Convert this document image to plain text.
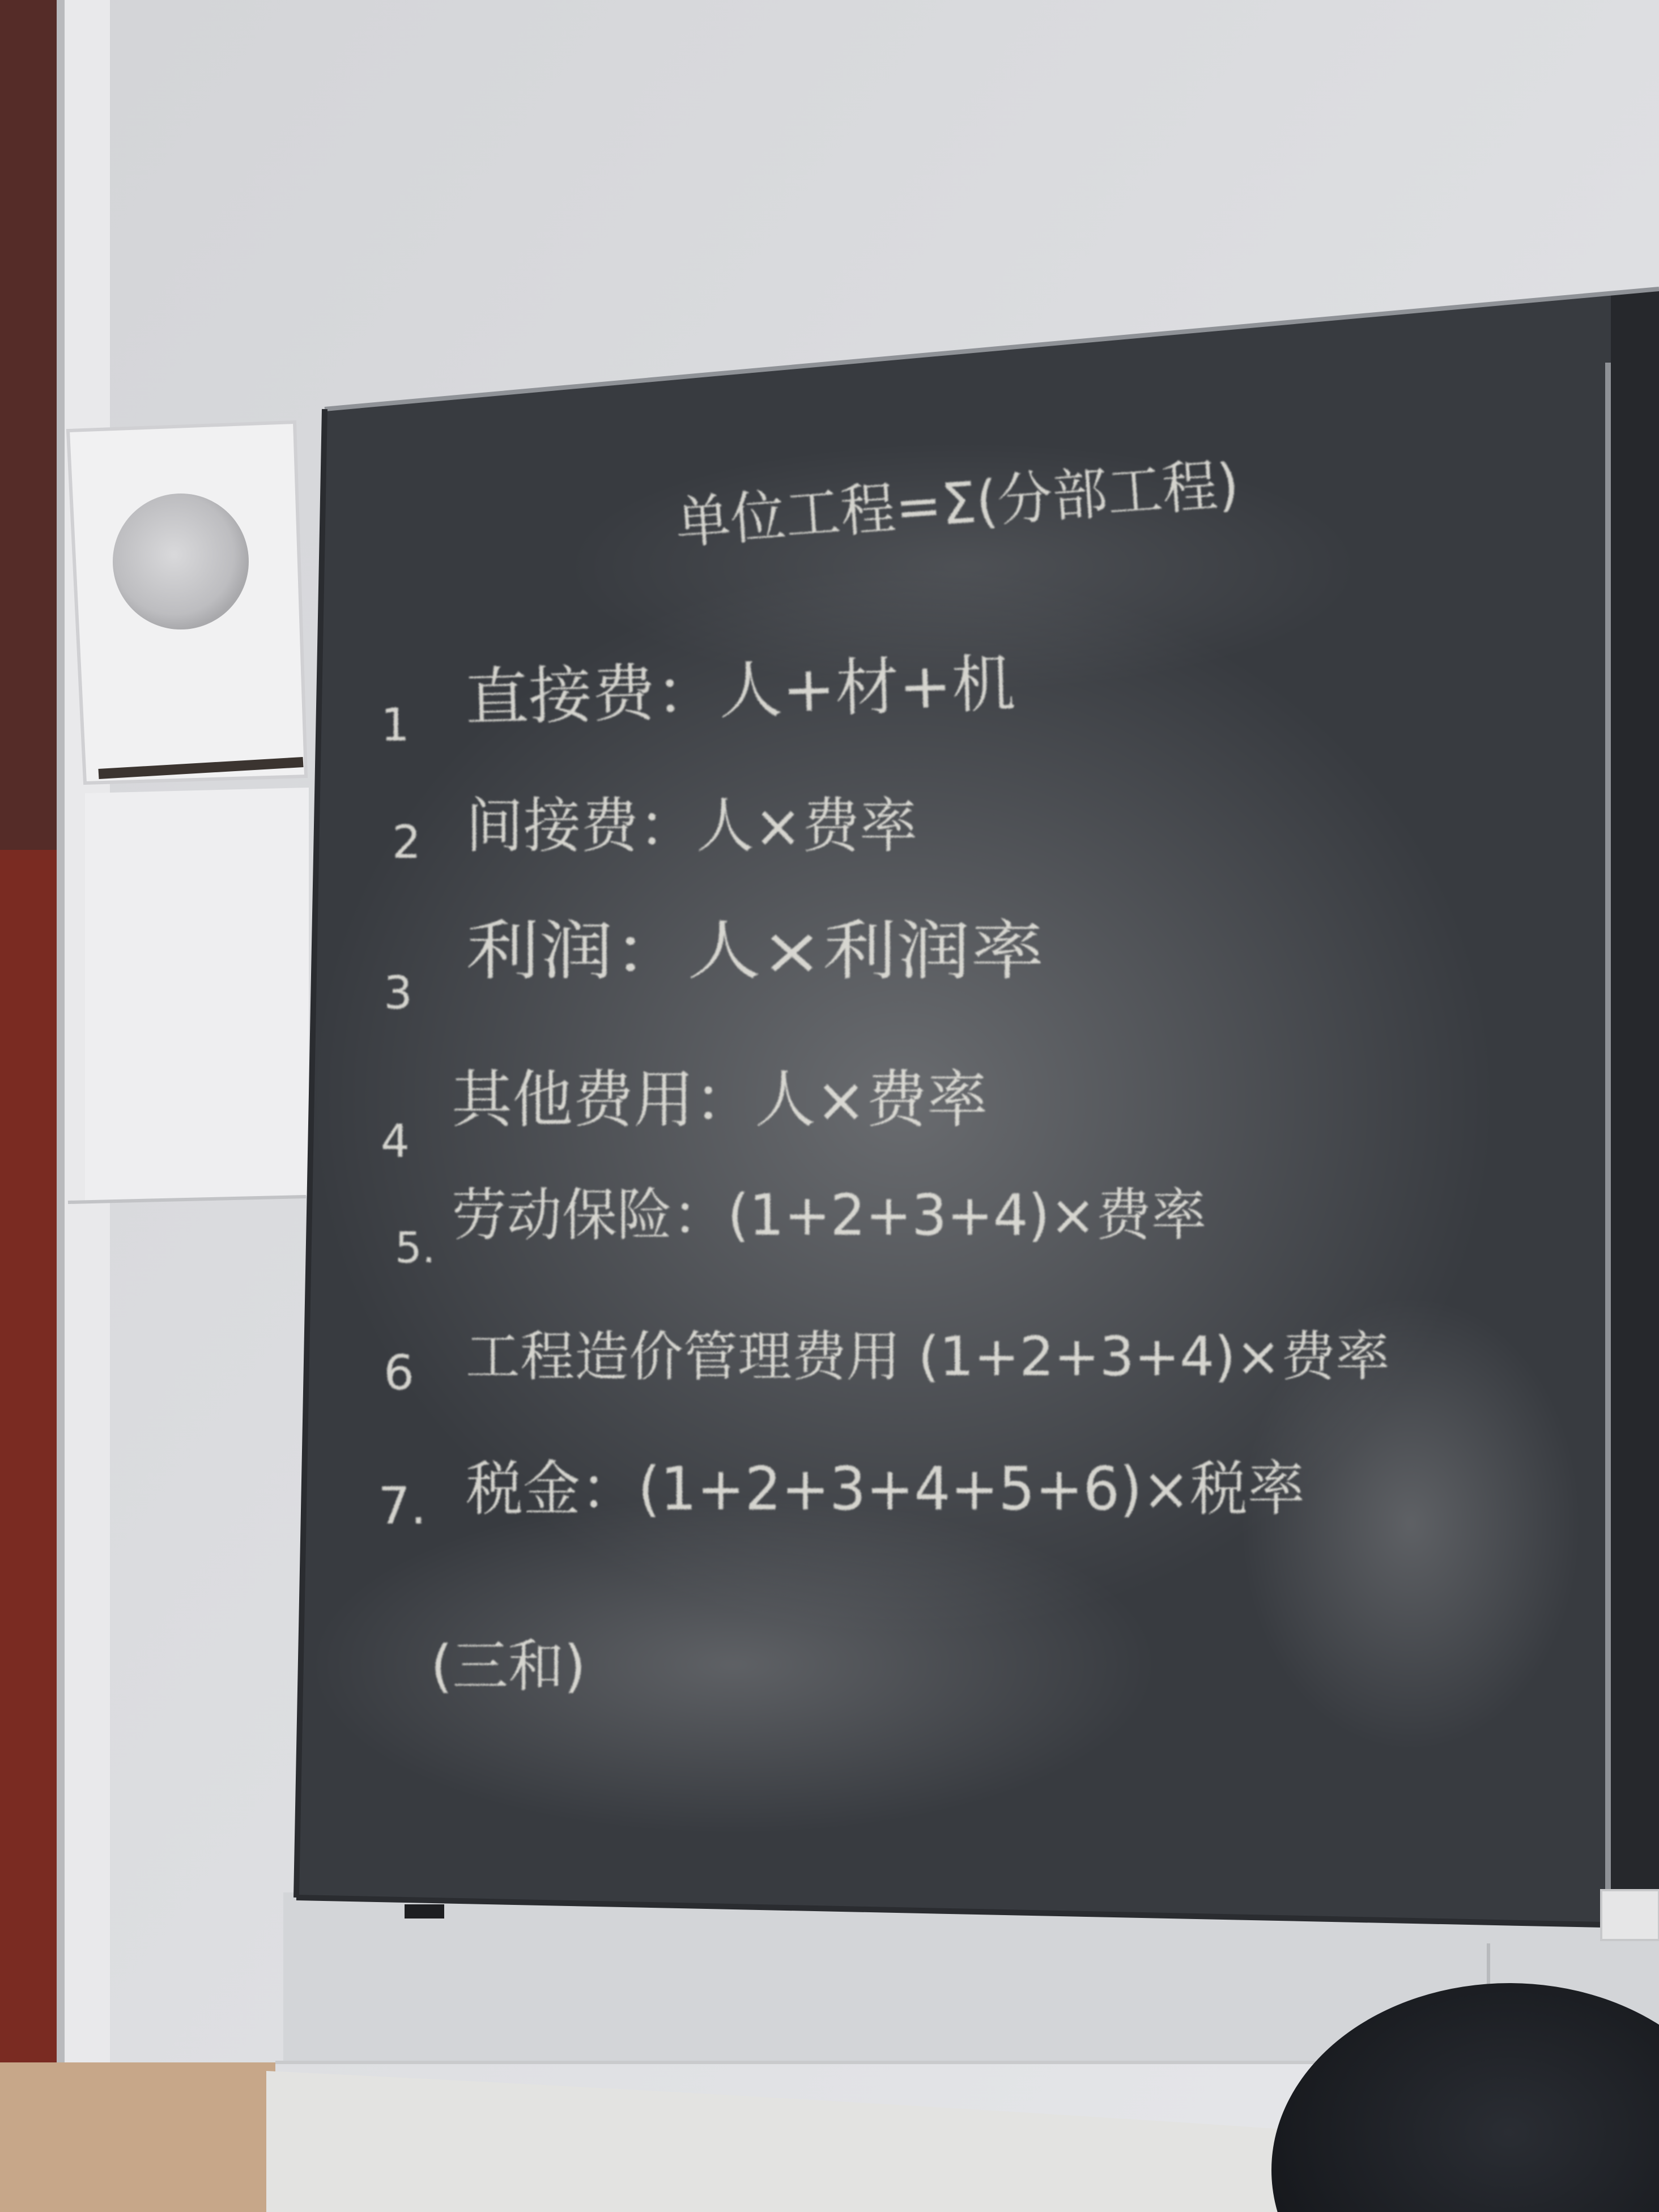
单位工程=Σ(分部工程)
1 直接费：人+材+机
2 间接费：人×费率
3
利润：人×利润率
4
其他费用：人×费率
5. 劳动保险：(1+2+3+4)×费率
6 工程造价管理费用 (1+2+3+4)×费率
7. 税金：(1+2+3+4+5+6)×税率
(三和)
